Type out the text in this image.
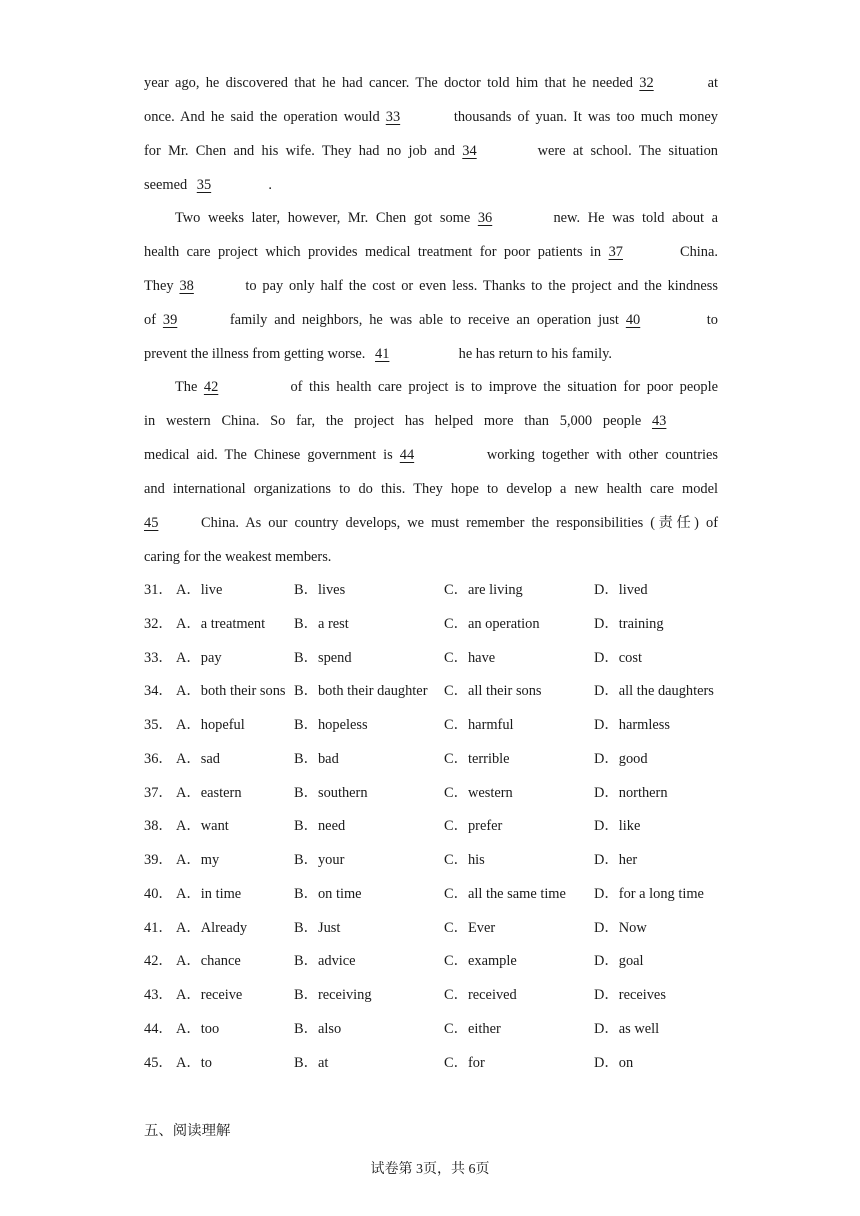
year ago, he discovered that he had cancer. The doctor told him that he needed 32	at
once. And he said the operation would 33	thousands of yuan. It was too much money
for Mr. Chen and his wife. They had no job and 34	were at school. The situation
seemed 35	.
Two weeks later, however, Mr. Chen got some 36	new. He was told about a
health care project which provides medical treatment for poor patients in 37	China.
They 38	to pay only half the cost or even less. Thanks to the project and the kindness
of 39	family and neighbors, he was able to receive an operation just 40	to
prevent the illness from getting worse. 41	he has return to his family.
The 42	of this health care project is to improve the situation for poor people
in western China. So far, the project has helped more than 5,000 people 43
medical aid. The Chinese government is 44	working together with other countries
and international organizations to do this. They hope to develop a new health care model
45	China. As our country develops, we must remember the responsibilities (责任) of
caring for the weakest members.
31． A．live	B．lives	C．are living	D．lived
32． A．a treatment B．a rest	C．an operation	D．training
33． A．pay	B．spend	C．have	D．cost
34． A．both their sons B．both their daughter C．all their sons	D．all the daughters
35． A．hopeful	B．hopeless	C．harmful	D．harmless
36． A．sad	B．bad	C．terrible	D．good
37． A．eastern	B．southern	C．western	D．northern
38． A．want	B．need	C．prefer	D．like
39． A．my	B．your	C．his	D．her
40． A．in time	B．on time	C．all the same time D．for a long time
41． A．Already	B．Just	C．Ever	D．Now
42． A．chance	B．advice	C．example	D．goal
43． A．receive	B．receiving	C．received	D．receives
44． A．too	B．also	C．either	D．as well
45． A．to	B．at	C．for	D．on
五、阅读理解
试卷第 3页，共 6页
